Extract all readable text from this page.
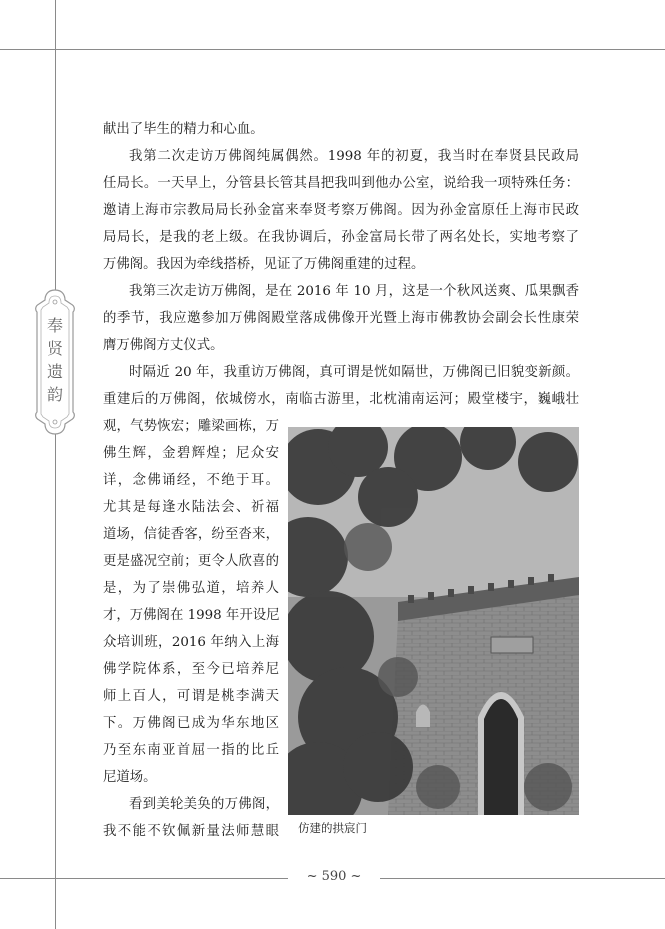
奉
贤
遗
韵

献出了毕生的精力和心血。

我第二次走访万佛阁纯属偶然。1998 年的初夏，我当时在奉贤县民政局

任局长。一天早上，分管县长管其昌把我叫到他办公室，说给我一项特殊任务：

邀请上海市宗教局局长孙金富来奉贤考察万佛阁。因为孙金富原任上海市民政

局局长，是我的老上级。在我协调后，孙金富局长带了两名处长，实地考察了

万佛阁。我因为牵线搭桥，见证了万佛阁重建的过程。

我第三次走访万佛阁，是在 2016 年 10 月，这是一个秋风送爽、瓜果飘香

的季节，我应邀参加万佛阁殿堂落成佛像开光暨上海市佛教协会副会长性康荣

膺万佛阁方丈仪式。

时隔近 20 年，我重访万佛阁，真可谓是恍如隔世，万佛阁已旧貌变新颜。

重建后的万佛阁，依城傍水，南临古游里，北枕浦南运河；殿堂楼宇，巍峨壮

观，气势恢宏；雕梁画栋，万

佛生辉，金碧辉煌；尼众安

详，念佛诵经，不绝于耳。

尤其是每逢水陆法会、祈福

道场，信徒香客，纷至沓来，

更是盛况空前；更令人欣喜的

是，为了崇佛弘道，培养人

才，万佛阁在 1998 年开设尼

众培训班，2016 年纳入上海

佛学院体系，至今已培养尼

师上百人，可谓是桃李满天

下。万佛阁已成为华东地区

乃至东南亚首屈一指的比丘

尼道场。

看到美轮美奂的万佛阁，

我不能不钦佩新量法师慧眼 仿建的拱宸门
~ 590 ~
